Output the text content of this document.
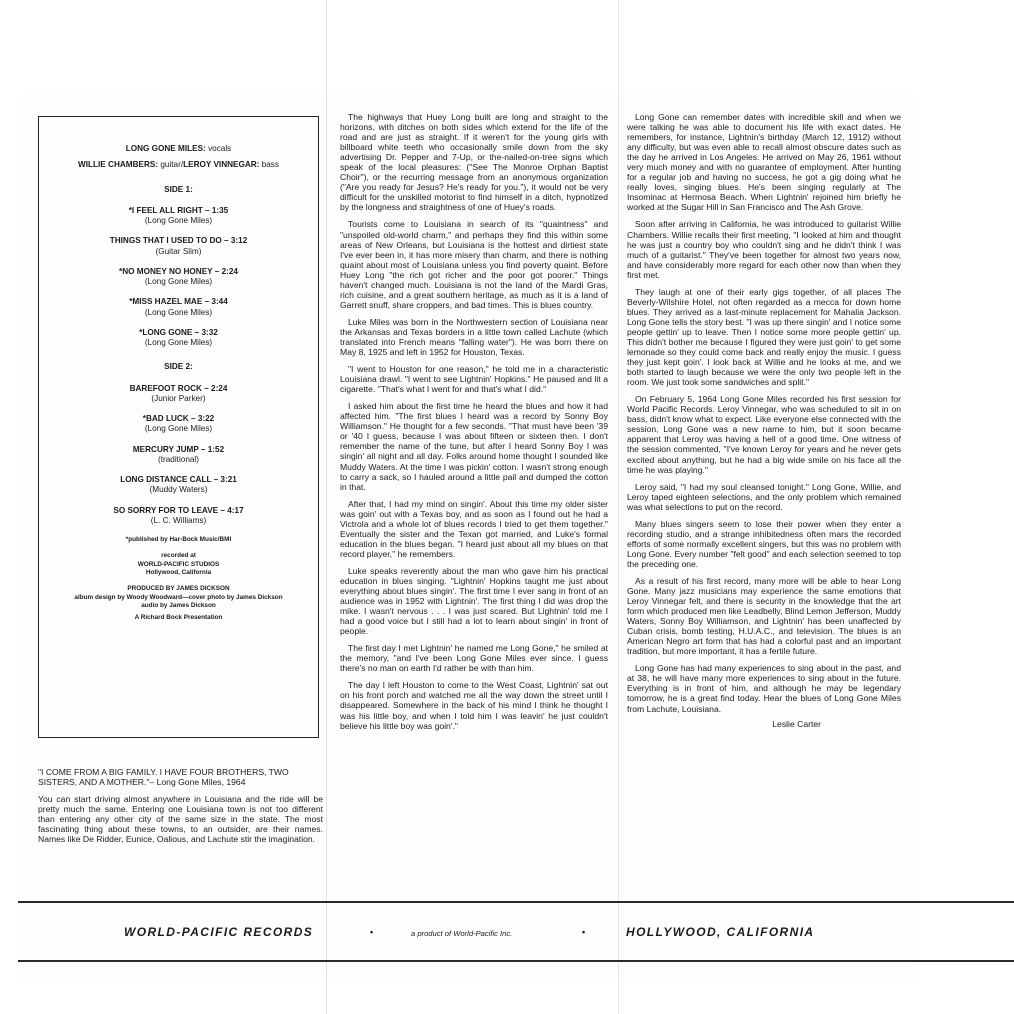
LONG GONE MILES: vocals
WILLIE CHAMBERS: guitar/LEROY VINNEGAR: bass
SIDE 1:
*I FEEL ALL RIGHT – 1:35
(Long Gone Miles)
THINGS THAT I USED TO DO – 3:12
(Guitar Slim)
*NO MONEY NO HONEY – 2:24
(Long Gone Miles)
*MISS HAZEL MAE – 3:44
(Long Gone Miles)
*LONG GONE – 3:32
(Long Gone Miles)
SIDE 2:
BAREFOOT ROCK – 2:24
(Junior Parker)
*BAD LUCK – 3:22
(Long Gone Miles)
MERCURY JUMP – 1:52
(traditional)
LONG DISTANCE CALL – 3:21
(Muddy Waters)
SO SORRY FOR TO LEAVE – 4:17
(L. C. Williams)
*published by Har-Bock Music/BMI
recorded at
WORLD-PACIFIC STUDIOS
Hollywood, California
PRODUCED BY JAMES DICKSON
album design by Woody Woodward—cover photo by James Dickson
audio by James Dickson
A Richard Bock Presentation
"I COME FROM A BIG FAMILY. I HAVE FOUR BROTHERS, TWO SISTERS, AND A MOTHER."– Long Gone Miles, 1964

You can start driving almost anywhere in Louisiana and the ride will be pretty much the same. Entering one Louisiana town is not too different than entering any other city of the same size in the state. The most fascinating thing about these towns, to an outsider, are their names. Names like De Ridder, Eunice, Oalious, and Lachute stir the imagination.

The highways that Huey Long built are long and straight to the horizons, with ditches on both sides which extend for the life of the road and are just as straight. If it weren't for the young girls with billboard white teeth who occasionally smile down from the sky advertising Dr. Pepper and 7-Up, or the-nailed-on-tree signs which speak of the local pleasures: ("See The Monroe Orphan Baptist Choir"), or the recurring message from an anonymous organization ("Are you ready for Jesus? He's ready for you."), it would not be very difficult for the unskilled motorist to find himself in a ditch, hypnotized by the longness and straightness of one of Huey's roads.

Tourists come to Louisiana in search of its "quaintness" and "unspoiled old-world charm," and perhaps they find this within some areas of New Orleans, but Louisiana is the hottest and dirtiest state I've ever been in, it has more misery than charm, and there is nothing quaint about most of Louisiana unless you find poverty quaint. Before Huey Long "the rich got richer and the poor got poorer." Things haven't changed much. Louisiana is not the land of the Mardi Gras, rich cuisine, and a great southern heritage, as much as it is a land of Garrett snuff, share croppers, and bad times. This is blues country.

Luke Miles was born in the Northwestern section of Louisiana near the Arkansas and Texas borders in a little town called Lachute (which translated into French means "falling water"). He was born there on May 8, 1925 and left in 1952 for Houston, Texas.

"I went to Houston for one reason," he told me in a characteristic Louisiana drawl. "I went to see Lightnin' Hopkins." He paused and lit a cigarette. "That's what I went for and that's what I did."

I asked him about the first time he heard the blues and how it had affected him. "The first blues I heard was a record by Sonny Boy Williamson." He thought for a few seconds. "That must have been '39 or '40 I guess, because I was about fifteen or sixteen then. I don't remember the name of the tune, but after I heard Sonny Boy I was singin' all night and all day. Folks around home thought I sounded like Muddy Waters. At the time I was pickin' cotton. I wasn't strong enough to carry a sack, so I hauled around a little pail and dumped the cotton in that.

After that, I had my mind on singin'. About this time my older sister was goin' out with a Texas boy, and as soon as I found out he had a Victrola and a whole lot of blues records I tried to get them together." Eventually the sister and the Texan got married, and Luke's formal education in the blues began. "I heard just about all my blues on that record player," he remembers.

Luke speaks reverently about the man who gave him his practical education in blues singing. "Lightnin' Hopkins taught me just about everything about blues singin'. The first time I ever sang in front of an audience was in 1952 with Lightnin'. The first thing I did was drop the mike. I wasn't nervous . . . I was just scared. But Lightnin' told me I had a good voice but I still had a lot to learn about singin' in front of people.

The first day I met Lightnin' he named me Long Gone," he smiled at the memory, "and I've been Long Gone Miles ever since. I guess there's no man on earth I'd rather be with than him.

The day I left Houston to come to the West Coast, Lightnin' sat out on his front porch and watched me all the way down the street until I disappeared. Somewhere in the back of his mind I think he thought I was his little boy, and when I told him I was leavin' he just couldn't believe his little boy was goin'."

Long Gone can remember dates with incredible skill and when we were talking he was able to document his life with exact dates. He remembers, for instance, Lightnin's birthday (March 12, 1912) without any difficulty, but was even able to recall almost obscure dates such as the day he arrived in Los Angeles. He arrived on May 26, 1961 without very much money and with no guarantee of employment. After hunting for a regular job and having no success, he got a gig doing what he really loves, singing blues. He's been singing regularly at The Insominac at Hermosa Beach. When Lightnin' rejoined him briefly he worked at the Sugar Hill in San Francisco and The Ash Grove.

Soon after arriving in California, he was introduced to guitarist Willie Chambers. Willie recalls their first meeting, "I looked at him and thought he was just a country boy who couldn't sing and he didn't think I was much of a guitarist." They've been together for almost two years now, and have considerably more regard for each other now than when they first met.

They laugh at one of their early gigs together, of all places The Beverly-Wilshire Hotel, not often regarded as a mecca for down home blues. They arrived as a last-minute replacement for Mahalia Jackson. Long Gone tells the story best. "I was up there singin' and I notice some people gettin' up to leave. Then I notice some more people gettin' up. This didn't bother me because I figured they were just goin' to get some lemonade so they could come back and really enjoy the music. I guess they just kept goin'. I look back at Willie and he looks at me, and we both started to laugh because we were the only two people left in the room. We just took some sandwiches and split."

On February 5, 1964 Long Gone Miles recorded his first session for World Pacific Records. Leroy Vinnegar, who was scheduled to sit in on bass, didn't know what to expect. Like everyone else connected with the session, Long Gone was a new name to him, but it soon became apparent that Leroy was having a hell of a good time. One witness of the session commented, "I've known Leroy for years and he never gets excited about anything, but he had a big wide smile on his face all the time he was playing."

Leroy said, "I had my soul cleansed tonight." Long Gone, Willie, and Leroy taped eighteen selections, and the only problem which remained was what selections to put on the record.

Many blues singers seem to lose their power when they enter a recording studio, and a strange inhibitedness often mars the recorded efforts of some normally excellent singers, but this was no problem with Long Gone. Every number "felt good" and each selection seemed to top the preceding one.

As a result of his first record, many more will be able to hear Long Gone. Many jazz musicians may experience the same emotions that Leroy Vinnegar felt, and there is security in the knowledge that the art form which produced men like Leadbelly, Blind Lemon Jefferson, Muddy Waters, Sonny Boy Williamson, and Lightnin' has been unaffected by Cuban crisis, bomb testing, H.U.A.C., and television. The blues is an American Negro art form that has had a colorful past and an important tradition, but more important, it has a fertile future.

Long Gone has had many experiences to sing about in the past, and at 38, he will have many more experiences to sing about in the future. Everything is in front of him, and although he may be legendary tomorrow, he is a great find today. Hear the blues of Long Gone Miles from Lachute, Louisiana.

Leslie Carter
WORLD-PACIFIC RECORDS	•	a product of World-Pacific Inc.	•	HOLLYWOOD, CALIFORNIA
